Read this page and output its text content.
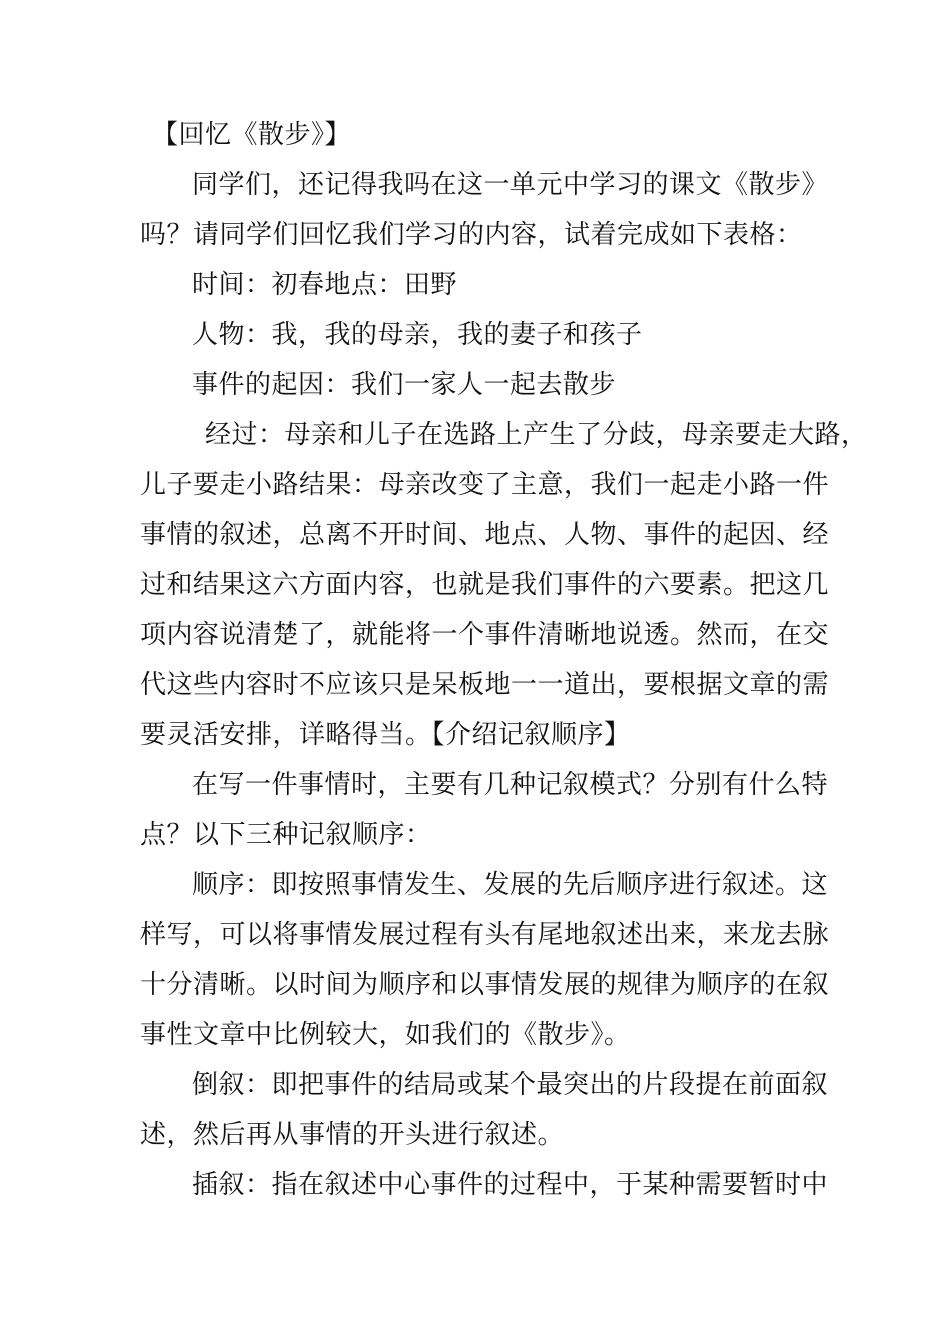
【回忆《散步》】
同学们，还记得我吗在这一单元中学习的课文《散步》
吗？请同学们回忆我们学习的内容，试着完成如下表格：
时间：初春地点：田野
人物：我，我的母亲，我的妻子和孩子
事件的起因：我们一家人一起去散步
经过：母亲和儿子在选路上产生了分歧，母亲要走大路，
儿子要走小路结果：母亲改变了主意，我们一起走小路一件
事情的叙述，总离不开时间、地点、人物、事件的起因、经
过和结果这六方面内容，也就是我们事件的六要素。把这几
项内容说清楚了，就能将一个事件清晰地说透。然而，在交
代这些内容时不应该只是呆板地一一道出，要根据文章的需
要灵活安排，详略得当。【介绍记叙顺序】
在写一件事情时，主要有几种记叙模式？分别有什么特
点？以下三种记叙顺序：
顺序：即按照事情发生、发展的先后顺序进行叙述。这
样写，可以将事情发展过程有头有尾地叙述出来，来龙去脉
十分清晰。以时间为顺序和以事情发展的规律为顺序的在叙
事性文章中比例较大，如我们的《散步》。
倒叙：即把事件的结局或某个最突出的片段提在前面叙
述，然后再从事情的开头进行叙述。
插叙：指在叙述中心事件的过程中，于某种需要暂时中
